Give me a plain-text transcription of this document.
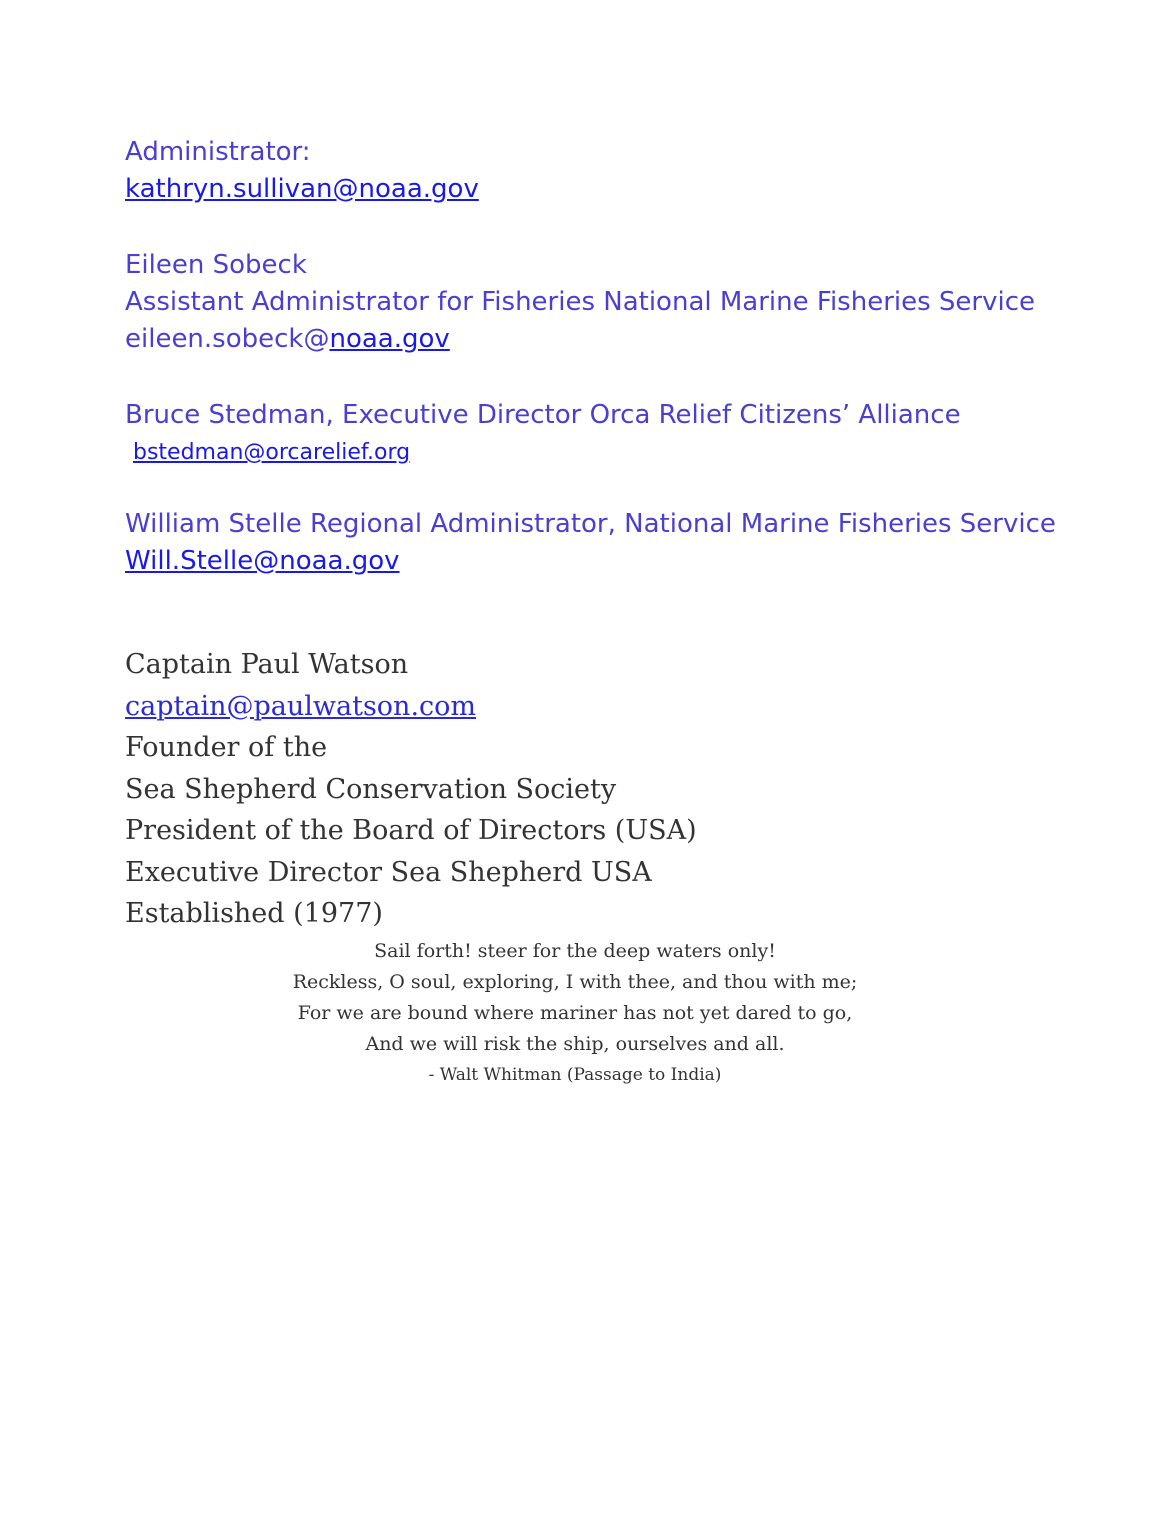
Administrator:
kathryn.sullivan@noaa.gov
Eileen Sobeck
Assistant Administrator for Fisheries National Marine Fisheries Service
eileen.sobeck@noaa.gov
Bruce Stedman, Executive Director Orca Relief Citizens’ Alliance
bstedman@orcarelief.org
William Stelle Regional Administrator, National Marine Fisheries Service
Will.Stelle@noaa.gov
Captain Paul Watson
captain@paulwatson.com
Founder of the
Sea Shepherd Conservation Society
President of the Board of Directors (USA)
Executive Director Sea Shepherd USA
Established (1977)
Sail forth! steer for the deep waters only!
Reckless, O soul, exploring, I with thee, and thou with me;
For we are bound where mariner has not yet dared to go,
And we will risk the ship, ourselves and all.
- Walt Whitman (Passage to India)
